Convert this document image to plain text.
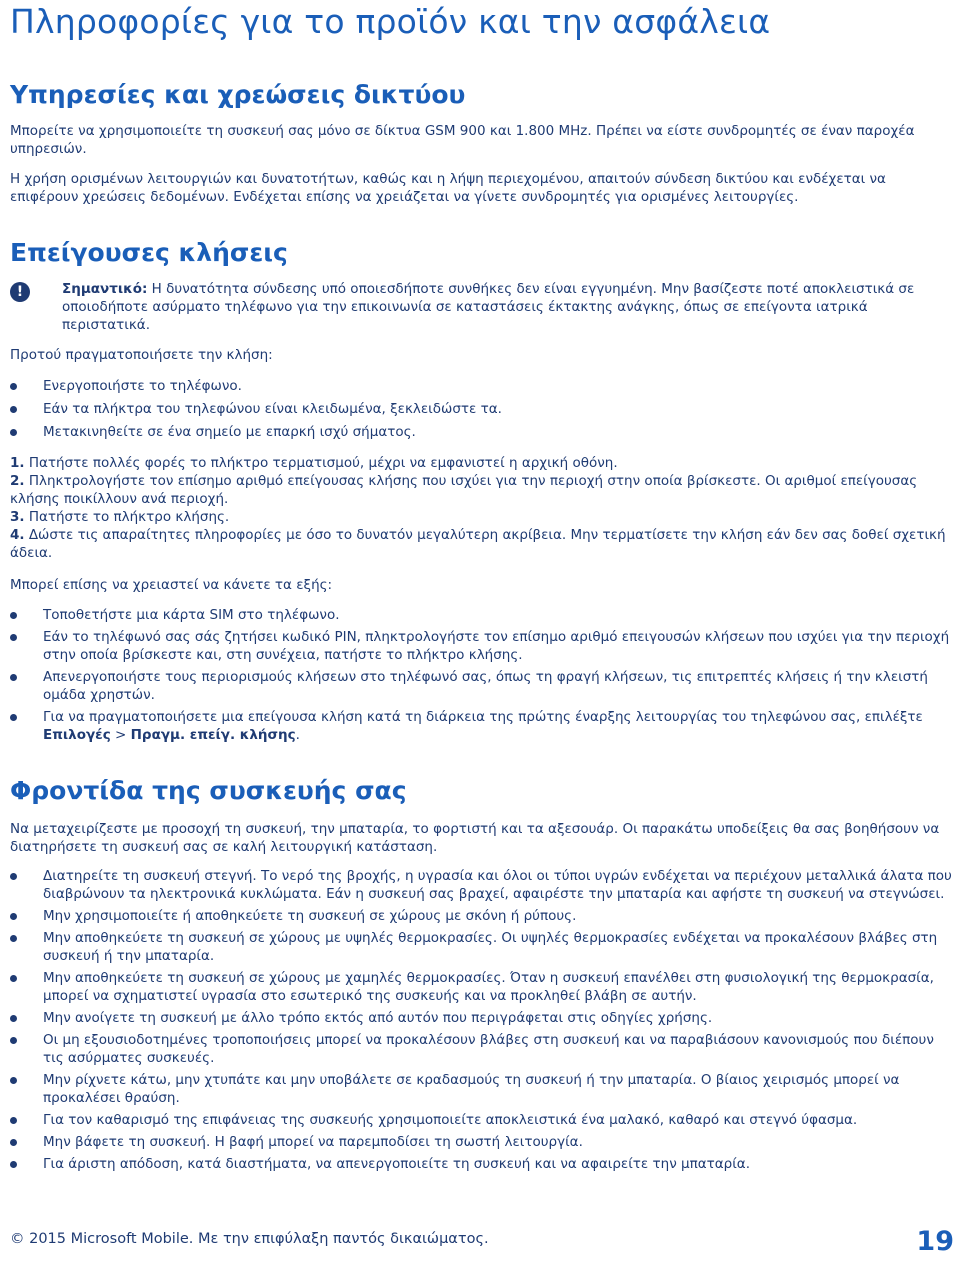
Πληροφορίες για το προϊόν και την ασφάλεια
Υπηρεσίες και χρεώσεις δικτύου

Μπορείτε να χρησιμοποιείτε τη συσκευή σας μόνο σε δίκτυα GSM 900 και 1.800 MHz. Πρέπει να είστε συνδρομητές σε έναν παροχέα υπηρεσιών.

Η χρήση ορισμένων λειτουργιών και δυνατοτήτων, καθώς και η λήψη περιεχομένου, απαιτούν σύνδεση δικτύου και ενδέχεται να επιφέρουν χρεώσεις δεδομένων. Ενδέχεται επίσης να χρειάζεται να γίνετε συνδρομητές για ορισμένες λειτουργίες.

Επείγουσες κλήσεις
!	Σημαντικό: Η δυνατότητα σύνδεσης υπό οποιεσδήποτε συνθήκες δεν είναι εγγυημένη. Μην βασίζεστε ποτέ αποκλειστικά σε οποιοδήποτε ασύρματο τηλέφωνο για την επικοινωνία σε καταστάσεις έκτακτης ανάγκης, όπως σε επείγοντα ιατρικά περιστατικά.

Προτού πραγματοποιήσετε την κλήση:

Ενεργοποιήστε το τηλέφωνο.
Εάν τα πλήκτρα του τηλεφώνου είναι κλειδωμένα, ξεκλειδώστε τα.
Μετακινηθείτε σε ένα σημείο με επαρκή ισχύ σήματος.

1. Πατήστε πολλές φορές το πλήκτρο τερματισμού, μέχρι να εμφανιστεί η αρχική οθόνη.

2. Πληκτρολογήστε τον επίσημο αριθμό επείγουσας κλήσης που ισχύει για την περιοχή στην οποία βρίσκεστε. Οι αριθμοί επείγουσας κλήσης ποικίλλουν ανά περιοχή.

3. Πατήστε το πλήκτρο κλήσης.

4. Δώστε τις απαραίτητες πληροφορίες με όσο το δυνατόν μεγαλύτερη ακρίβεια. Μην τερματίσετε την κλήση εάν δεν σας δοθεί σχετική άδεια.

Μπορεί επίσης να χρειαστεί να κάνετε τα εξής:

Τοποθετήστε μια κάρτα SIM στο τηλέφωνο.
Εάν το τηλέφωνό σας σάς ζητήσει κωδικό PIN, πληκτρολογήστε τον επίσημο αριθμό επειγουσών κλήσεων που ισχύει για την περιοχή στην οποία βρίσκεστε και, στη συνέχεια, πατήστε το πλήκτρο κλήσης.
Απενεργοποιήστε τους περιορισμούς κλήσεων στο τηλέφωνό σας, όπως τη φραγή κλήσεων, τις επιτρεπτές κλήσεις ή την κλειστή ομάδα χρηστών.
Για να πραγματοποιήσετε μια επείγουσα κλήση κατά τη διάρκεια της πρώτης έναρξης λειτουργίας του τηλεφώνου σας, επιλέξτε Επιλογές > Πραγμ. επείγ. κλήσης.
Φροντίδα της συσκευής σας

Να μεταχειρίζεστε με προσοχή τη συσκευή, την μπαταρία, το φορτιστή και τα αξεσουάρ. Οι παρακάτω υποδείξεις θα σας βοηθήσουν να διατηρήσετε τη συσκευή σας σε καλή λειτουργική κατάσταση.

Διατηρείτε τη συσκευή στεγνή. Το νερό της βροχής, η υγρασία και όλοι οι τύποι υγρών ενδέχεται να περιέχουν μεταλλικά άλατα που διαβρώνουν τα ηλεκτρονικά κυκλώματα. Εάν η συσκευή σας βραχεί, αφαιρέστε την μπαταρία και αφήστε τη συσκευή να στεγνώσει.
Μην χρησιμοποιείτε ή αποθηκεύετε τη συσκευή σε χώρους με σκόνη ή ρύπους.
Μην αποθηκεύετε τη συσκευή σε χώρους με υψηλές θερμοκρασίες. Οι υψηλές θερμοκρασίες ενδέχεται να προκαλέσουν βλάβες στη συσκευή ή την μπαταρία.
Μην αποθηκεύετε τη συσκευή σε χώρους με χαμηλές θερμοκρασίες. Όταν η συσκευή επανέλθει στη φυσιολογική της θερμοκρασία, μπορεί να σχηματιστεί υγρασία στο εσωτερικό της συσκευής και να προκληθεί βλάβη σε αυτήν.
Μην ανοίγετε τη συσκευή με άλλο τρόπο εκτός από αυτόν που περιγράφεται στις οδηγίες χρήσης.
Οι μη εξουσιοδοτημένες τροποποιήσεις μπορεί να προκαλέσουν βλάβες στη συσκευή και να παραβιάσουν κανονισμούς που διέπουν τις ασύρματες συσκευές.
Μην ρίχνετε κάτω, μην χτυπάτε και μην υποβάλετε σε κραδασμούς τη συσκευή ή την μπαταρία. Ο βίαιος χειρισμός μπορεί να προκαλέσει θραύση.
Για τον καθαρισμό της επιφάνειας της συσκευής χρησιμοποιείτε αποκλειστικά ένα μαλακό, καθαρό και στεγνό ύφασμα.
Μην βάφετε τη συσκευή. Η βαφή μπορεί να παρεμποδίσει τη σωστή λειτουργία.
Για άριστη απόδοση, κατά διαστήματα, να απενεργοποιείτε τη συσκευή και να αφαιρείτε την μπαταρία.
© 2015 Microsoft Mobile. Με την επιφύλαξη παντός δικαιώματος.	19
